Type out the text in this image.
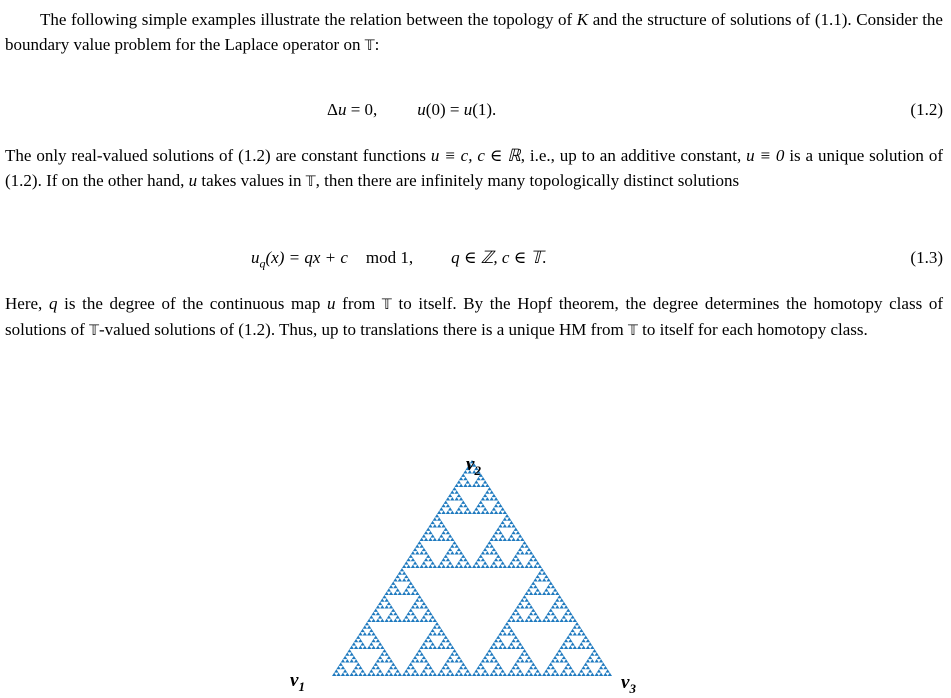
The following simple examples illustrate the relation between the topology of K and the structure of solutions of (1.1). Consider the boundary value problem for the Laplace operator on 𝕋:

Δu = 0, u(0) = u(1).	(1.2)

The only real-valued solutions of (1.2) are constant functions u ≡ c, c ∈ ℝ, i.e., up to an additive constant, u ≡ 0 is a unique solution of (1.2). If on the other hand, u takes values in 𝕋, then there are infinitely many topologically distinct solutions

$u_q(x)$ = qx + c mod 1, q ∈ ℤ, c ∈ 𝕋.	(1.3)

Here, q is the degree of the continuous map u from 𝕋 to itself. By the Hopf theorem, the degree determines the homotopy class of solutions of 𝕋-valued solutions of (1.2). Thus, up to translations there is a unique HM from 𝕋 to itself for each homotopy class.

$v_2$
$v_1$	$v_3$
